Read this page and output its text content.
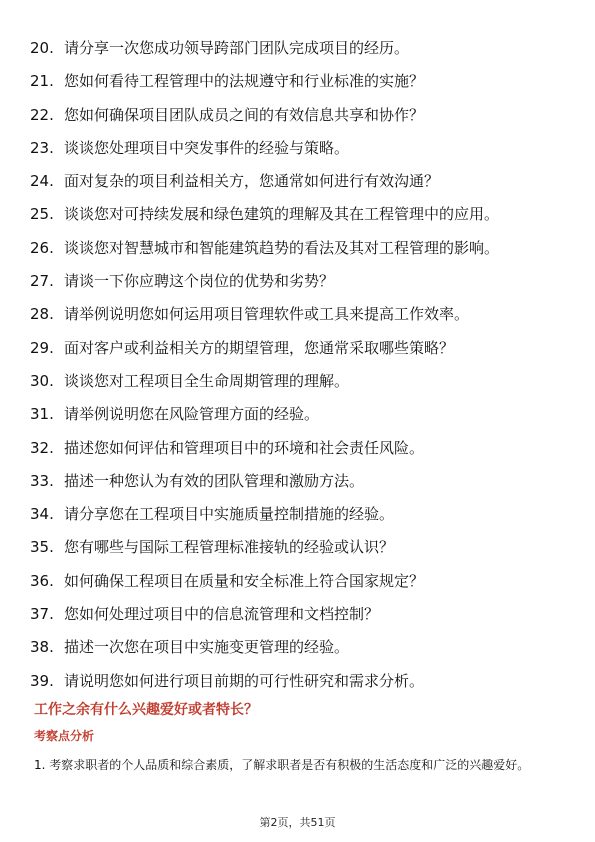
20. 请分享一次您成功领导跨部门团队完成项目的经历。
21. 您如何看待工程管理中的法规遵守和行业标准的实施？
22. 您如何确保项目团队成员之间的有效信息共享和协作？
23. 谈谈您处理项目中突发事件的经验与策略。
24. 面对复杂的项目利益相关方，您通常如何进行有效沟通？
25. 谈谈您对可持续发展和绿色建筑的理解及其在工程管理中的应用。
26. 谈谈您对智慧城市和智能建筑趋势的看法及其对工程管理的影响。
27. 请谈一下你应聘这个岗位的优势和劣势？
28. 请举例说明您如何运用项目管理软件或工具来提高工作效率。
29. 面对客户或利益相关方的期望管理，您通常采取哪些策略？
30. 谈谈您对工程项目全生命周期管理的理解。
31. 请举例说明您在风险管理方面的经验。
32. 描述您如何评估和管理项目中的环境和社会责任风险。
33. 描述一种您认为有效的团队管理和激励方法。
34. 请分享您在工程项目中实施质量控制措施的经验。
35. 您有哪些与国际工程管理标准接轨的经验或认识？
36. 如何确保工程项目在质量和安全标准上符合国家规定？
37. 您如何处理过项目中的信息流管理和文档控制？
38. 描述一次您在项目中实施变更管理的经验。
39. 请说明您如何进行项目前期的可行性研究和需求分析。
工作之余有什么兴趣爱好或者特长？
考察点分析

1. 考察求职者的个人品质和综合素质，了解求职者是否有积极的生活态度和广泛的兴趣爱好。

第2页，共51页
